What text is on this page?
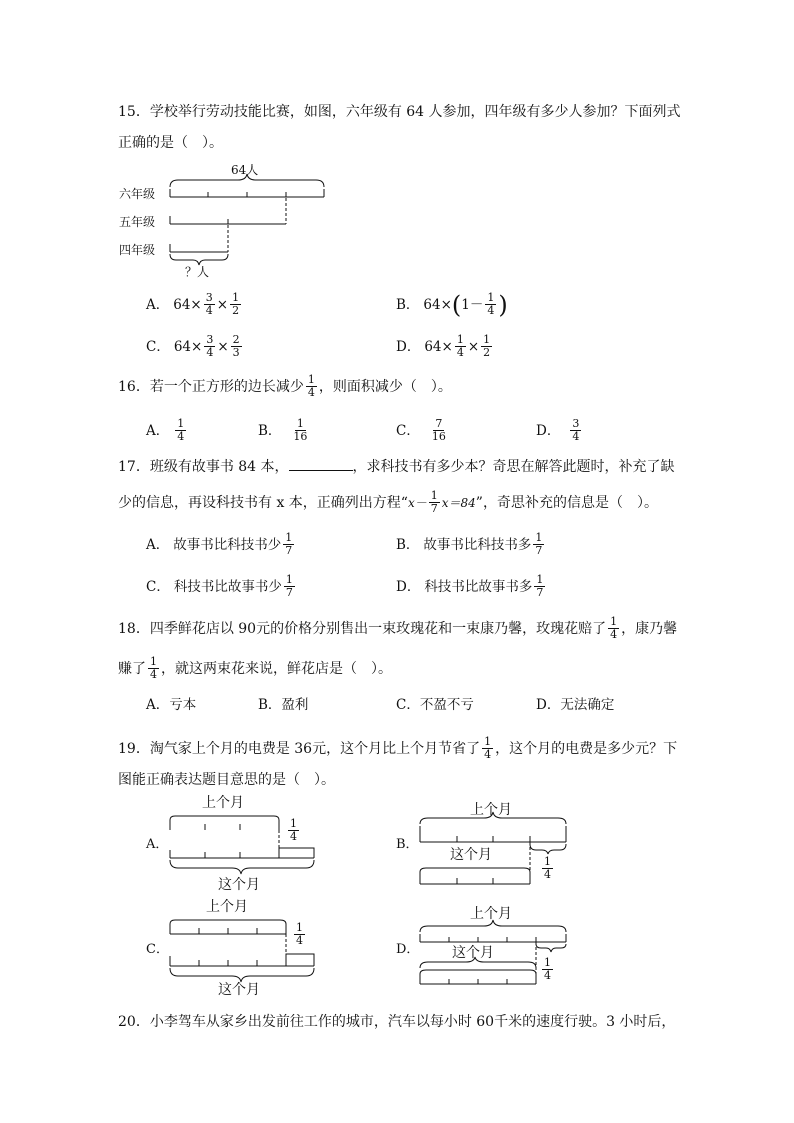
15．学校举行劳动技能比赛，如图，六年级有 64 人参加，四年级有多少人参加？下面列式
正确的是（　）。
64人
六年级
五年级
四年级
？人
A． $64\times \frac{3}{4} \times \frac{1}{2}$	B． 64× ( $1- \frac{1}{4}$ )
C． $64\times \frac{3}{4} \times \frac{2}{3}$	D． $64\times \frac{1}{4} \times \frac{1}{2}$
16．若一个正方形的边长减少 $\frac{1}{4}$ ，则面积减少（　）。
A． $\frac{1}{4}$	B． $\frac{1}{16}$	C． $\frac{7}{16}$	D． $\frac{3}{4}$
17．班级有故事书 84 本，	，求科技书有多少本？奇思在解答此题时，补充了缺
少的信息，再设科技书有 x 本，正确列出方程“ $x- \frac{1}{7} x=84$ ”，奇思补充的信息是（　）。
A． 故事书比科技书少 $\frac{1}{7}$	B． 故事书比科技书多 $\frac{1}{7}$
C． 科技书比故事书少 $\frac{1}{7}$	D． 科技书比故事书多 $\frac{1}{7}$
18．四季鲜花店以 90元的价格分别售出一束玫瑰花和一束康乃馨，玫瑰花赔了 $\frac{1}{4}$ ，康乃馨
赚了 $\frac{1}{4}$ ，就这两束花来说，鲜花店是（　）。
A．亏本	B．盈利	C．不盈不亏	D．无法确定
19．淘气家上个月的电费是 36元，这个月比上个月节省了 $\frac{1}{4}$ ，这个月的电费是多少元？下
图能正确表达题目意思的是（　）。
A．
上个月
这个月
$\frac{1}{4}$
B．
上个月
这个月
$\frac{1}{4}$
C．
上个月
这个月
$\frac{1}{4}$
D．
上个月
这个月
$\frac{1}{4}$
20．小李驾车从家乡出发前往工作的城市，汽车以每小时 60千米的速度行驶。3 小时后，
